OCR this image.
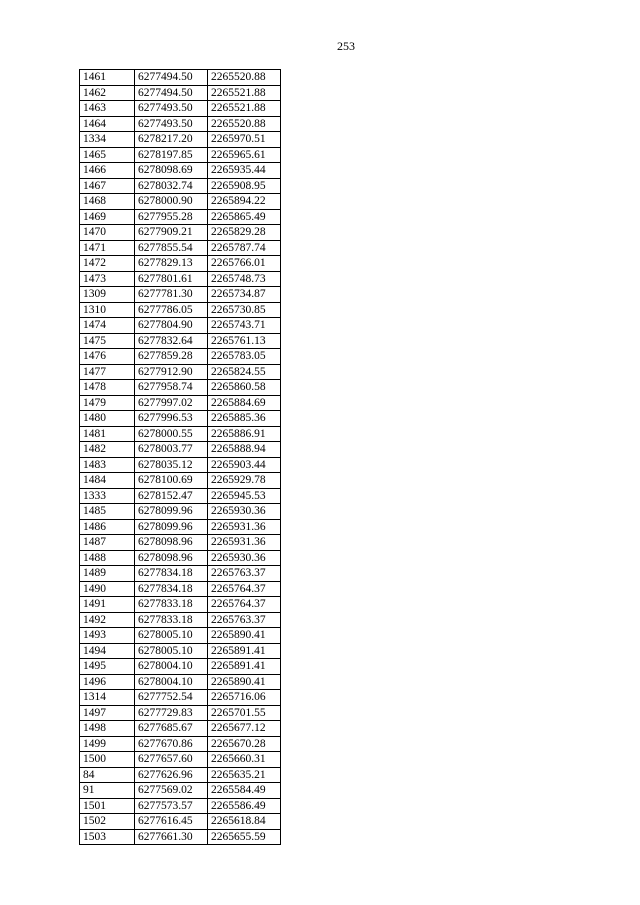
253
1461	6277494.50	2265520.88
1462	6277494.50	2265521.88
1463	6277493.50	2265521.88
1464	6277493.50	2265520.88
1334	6278217.20	2265970.51
1465	6278197.85	2265965.61
1466	6278098.69	2265935.44
1467	6278032.74	2265908.95
1468	6278000.90	2265894.22
1469	6277955.28	2265865.49
1470	6277909.21	2265829.28
1471	6277855.54	2265787.74
1472	6277829.13	2265766.01
1473	6277801.61	2265748.73
1309	6277781.30	2265734.87
1310	6277786.05	2265730.85
1474	6277804.90	2265743.71
1475	6277832.64	2265761.13
1476	6277859.28	2265783.05
1477	6277912.90	2265824.55
1478	6277958.74	2265860.58
1479	6277997.02	2265884.69
1480	6277996.53	2265885.36
1481	6278000.55	2265886.91
1482	6278003.77	2265888.94
1483	6278035.12	2265903.44
1484	6278100.69	2265929.78
1333	6278152.47	2265945.53
1485	6278099.96	2265930.36
1486	6278099.96	2265931.36
1487	6278098.96	2265931.36
1488	6278098.96	2265930.36
1489	6277834.18	2265763.37
1490	6277834.18	2265764.37
1491	6277833.18	2265764.37
1492	6277833.18	2265763.37
1493	6278005.10	2265890.41
1494	6278005.10	2265891.41
1495	6278004.10	2265891.41
1496	6278004.10	2265890.41
1314	6277752.54	2265716.06
1497	6277729.83	2265701.55
1498	6277685.67	2265677.12
1499	6277670.86	2265670.28
1500	6277657.60	2265660.31
84	6277626.96	2265635.21
91	6277569.02	2265584.49
1501	6277573.57	2265586.49
1502	6277616.45	2265618.84
1503	6277661.30	2265655.59
